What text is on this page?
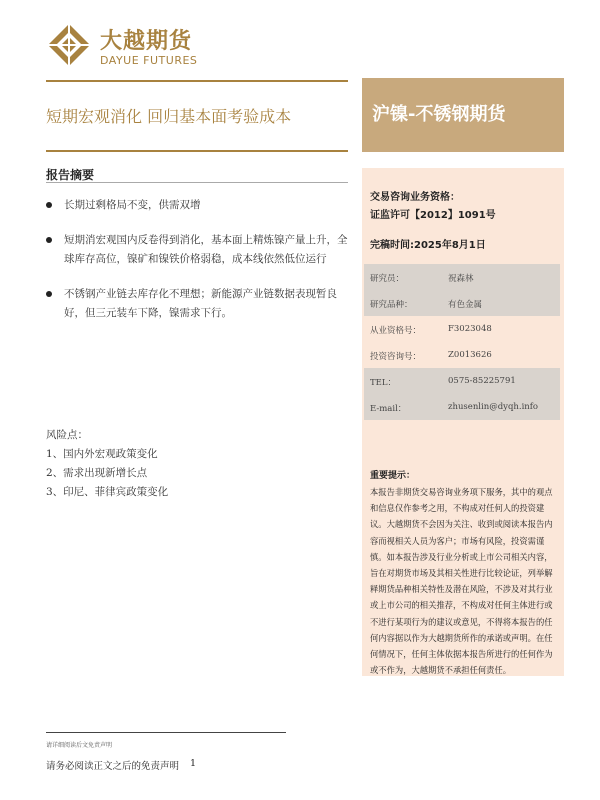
大越期货
DAYUE FUTURES
短期宏观消化 回归基本面考验成本	沪镍-不锈钢期货
报告摘要
长期过剩格局不变，供需双增
短期消宏观国内反卷得到消化，基本面上精炼镍产量上升，全球库存高位，镍矿和镍铁价格弱稳，成本线依然低位运行
不锈钢产业链去库存化不理想；新能源产业链数据表现暂良好，但三元装车下降，镍需求下行。
风险点：
1、国内外宏观政策变化
2、需求出现新增长点
3、印尼、菲律宾政策变化
交易咨询业务资格：
证监许可【2012】1091号
完稿时间:2025年8月1日
研究员：	祝森林
研究品种：	有色金属
从业资格号：	F3023048
投资咨询号：	Z0013626
TEL：	0575-85225791
E-mail：	zhusenlin@dyqh.info
重要提示：
本报告非期货交易咨询业务项下服务，其中的观点和信息仅作参考之用，不构成对任何人的投资建议。大越期货不会因为关注、收到或阅读本报告内容而视相关人员为客户；市场有风险，投资需谨慎。如本报告涉及行业分析或上市公司相关内容，旨在对期货市场及其相关性进行比较论证，列举解释期货品种相关特性及潜在风险，不涉及对其行业或上市公司的相关推荐，不构成对任何主体进行或不进行某项行为的建议或意见，不得将本报告的任何内容据以作为大越期货所作的承诺或声明。在任何情况下，任何主体依据本报告所进行的任何作为或不作为，大越期货不承担任何责任。
请详细阅读后文免责声明
请务必阅读正文之后的免责声明 1
